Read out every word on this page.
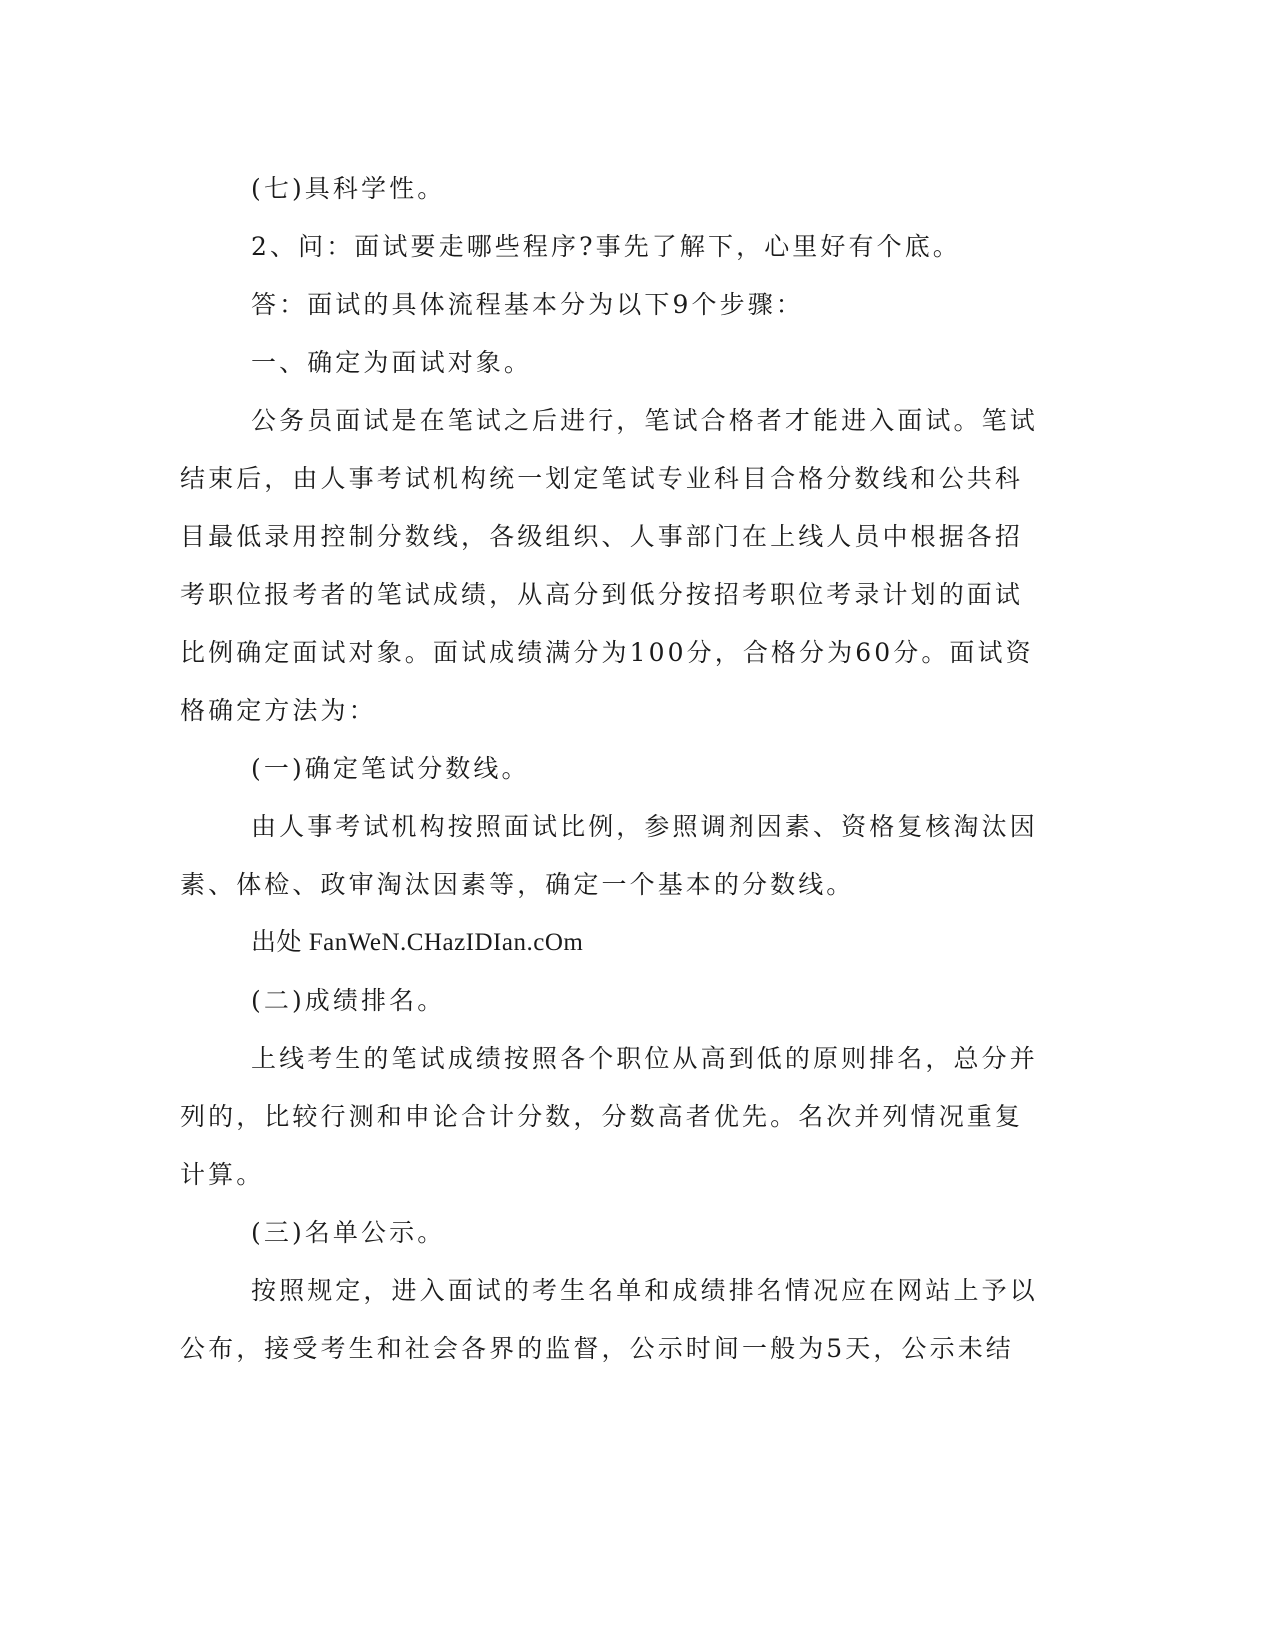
(七)具科学性。

2、问：面试要走哪些程序?事先了解下，心里好有个底。

答：面试的具体流程基本分为以下9个步骤：

一、确定为面试对象。

公务员面试是在笔试之后进行，笔试合格者才能进入面试。笔试

结束后，由人事考试机构统一划定笔试专业科目合格分数线和公共科

目最低录用控制分数线，各级组织、人事部门在上线人员中根据各招

考职位报考者的笔试成绩，从高分到低分按招考职位考录计划的面试

比例确定面试对象。面试成绩满分为100分，合格分为60分。面试资

格确定方法为：

(一)确定笔试分数线。

由人事考试机构按照面试比例，参照调剂因素、资格复核淘汰因

素、体检、政审淘汰因素等，确定一个基本的分数线。

出处 FanWeN.CHazIDIan.cOm

(二)成绩排名。

上线考生的笔试成绩按照各个职位从高到低的原则排名，总分并

列的，比较行测和申论合计分数，分数高者优先。名次并列情况重复

计算。

(三)名单公示。

按照规定，进入面试的考生名单和成绩排名情况应在网站上予以

公布，接受考生和社会各界的监督，公示时间一般为5天，公示未结
